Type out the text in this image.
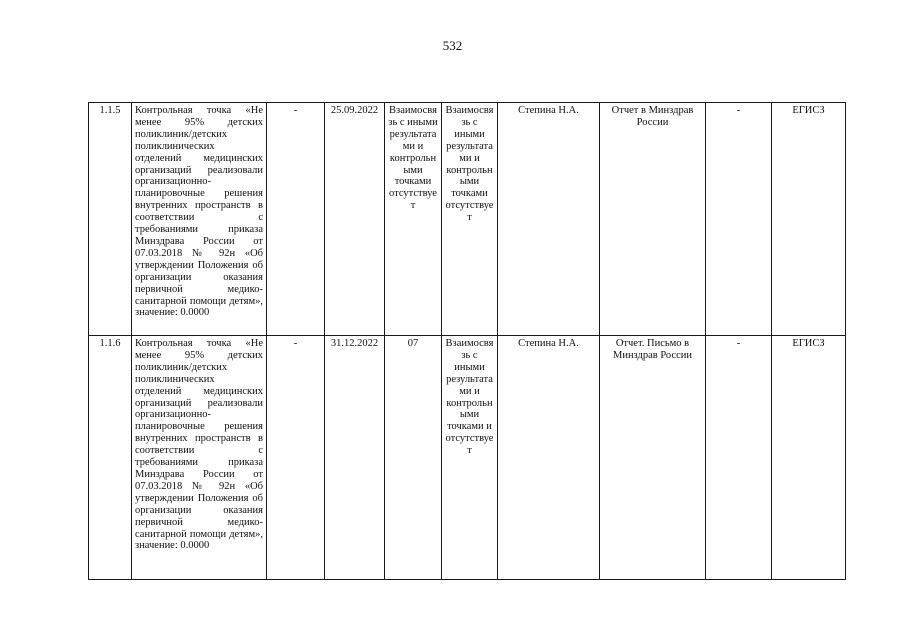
532
1.1.5	Контрольная точка «Не менее 95% детских поликлиник/детских поликлинических отделений медицинских организаций реализовали организационно-планировочные решения внутренних пространств в соответствии с требованиями приказа Минздрава России от 07.03.2018 № 92н «Об утверждении Положения об организации оказания первичной медико-санитарной помощи детям», значение: 0.0000	-	25.09.2022	Взаимосвязь с иными результатами и контрольными точками отсутствует	Взаимосвязь с иными результатами и контрольными точками отсутствует	Степина Н.А.	Отчет в Минздрав России	-	ЕГИСЗ
1.1.6	Контрольная точка «Не менее 95% детских поликлиник/детских поликлинических отделений медицинских организаций реализовали организационно-планировочные решения внутренних пространств в соответствии с требованиями приказа Минздрава России от 07.03.2018 № 92н «Об утверждении Положения об организации оказания первичной медико-санитарной помощи детям», значение: 0.0000	-	31.12.2022	07	Взаимосвязь с иными результатами и контрольными точками и отсутствует	Степина Н.А.	Отчет. Письмо в Минздрав России	-	ЕГИСЗ
